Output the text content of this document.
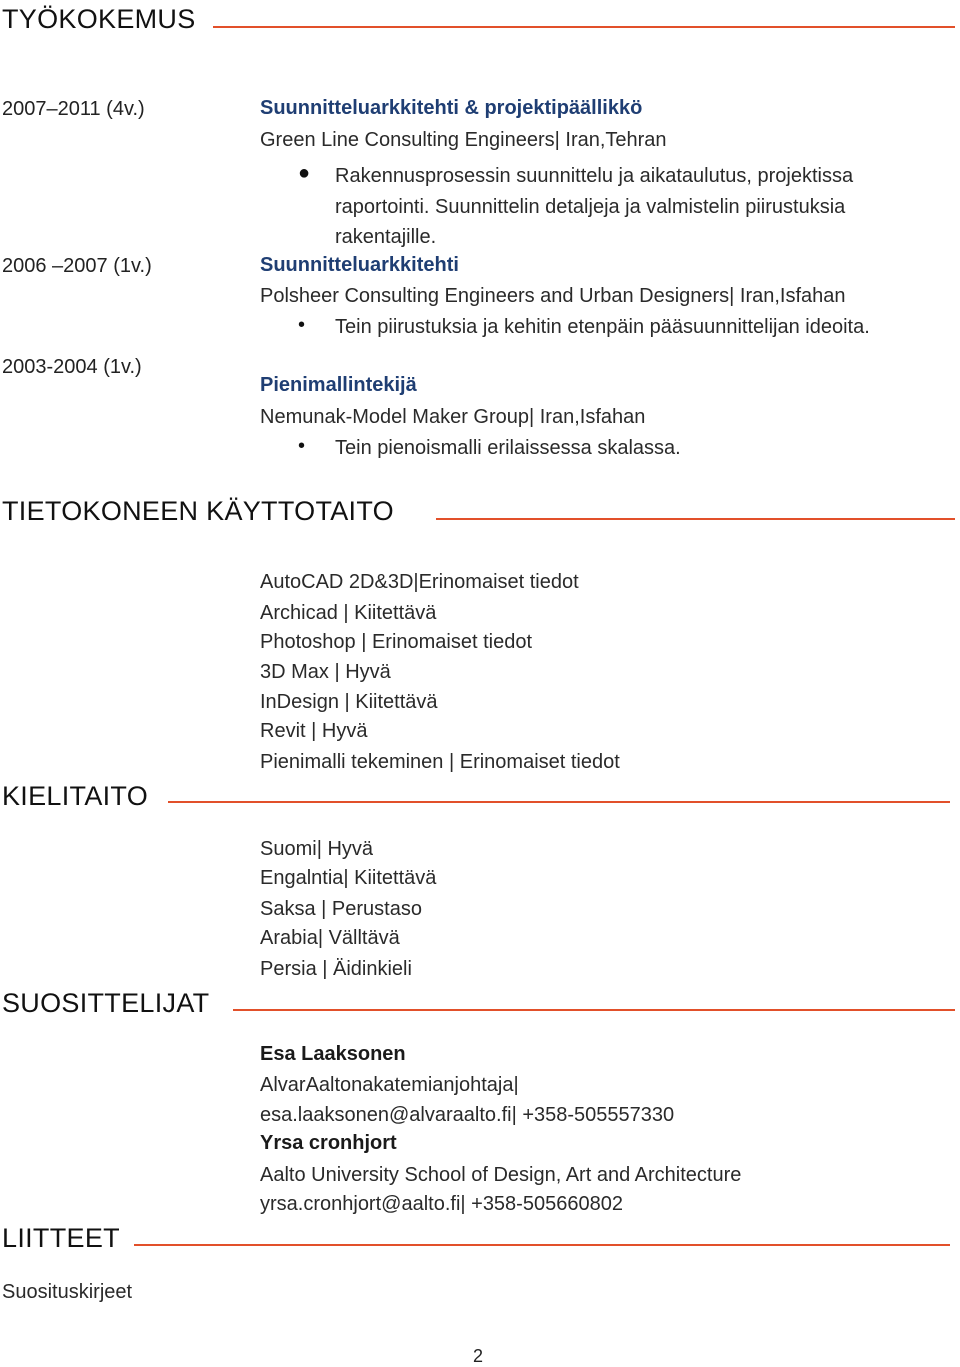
TYÖKOKEMUS
2007–2011 (4v.)	Suunnitteluarkkitehti & projektipäällikkö
Green Line Consulting Engineers| Iran,Tehran
● Rakennusprosessin suunnittelu ja aikataulutus, projektissa
raportointi. Suunnittelin detaljeja ja valmistelin piirustuksia
rakentajille.
2006 –2007 (1v.)	Suunnitteluarkkitehti
Polsheer Consulting Engineers and Urban Designers| Iran,Isfahan
• Tein piirustuksia ja kehitin etenpäin pääsuunnittelijan ideoita.
2003-2004 (1v.)
Pienimallintekijä
Nemunak-Model Maker Group| Iran,Isfahan
• Tein pienoismalli erilaissessa skalassa.
TIETOKONEEN KÄYTTOTAITO
AutoCAD 2D&3D|Erinomaiset tiedot
Archicad | Kiitettävä
Photoshop | Erinomaiset tiedot
3D Max | Hyvä
InDesign | Kiitettävä
Revit | Hyvä
Pienimalli tekeminen | Erinomaiset tiedot
KIELITAITO
Suomi| Hyvä
Engalntia| Kiitettävä
Saksa | Perustaso
Arabia| Välltävä
Persia | Äidinkieli
SUOSITTELIJAT
Esa Laaksonen
AlvarAaltonakatemianjohtaja|
esa.laaksonen@alvaraalto.fi| +358-505557330
Yrsa cronhjort
Aalto University School of Design, Art and Architecture
yrsa.cronhjort@aalto.fi| +358-505660802
LIITTEET
Suosituskirjeet
2
